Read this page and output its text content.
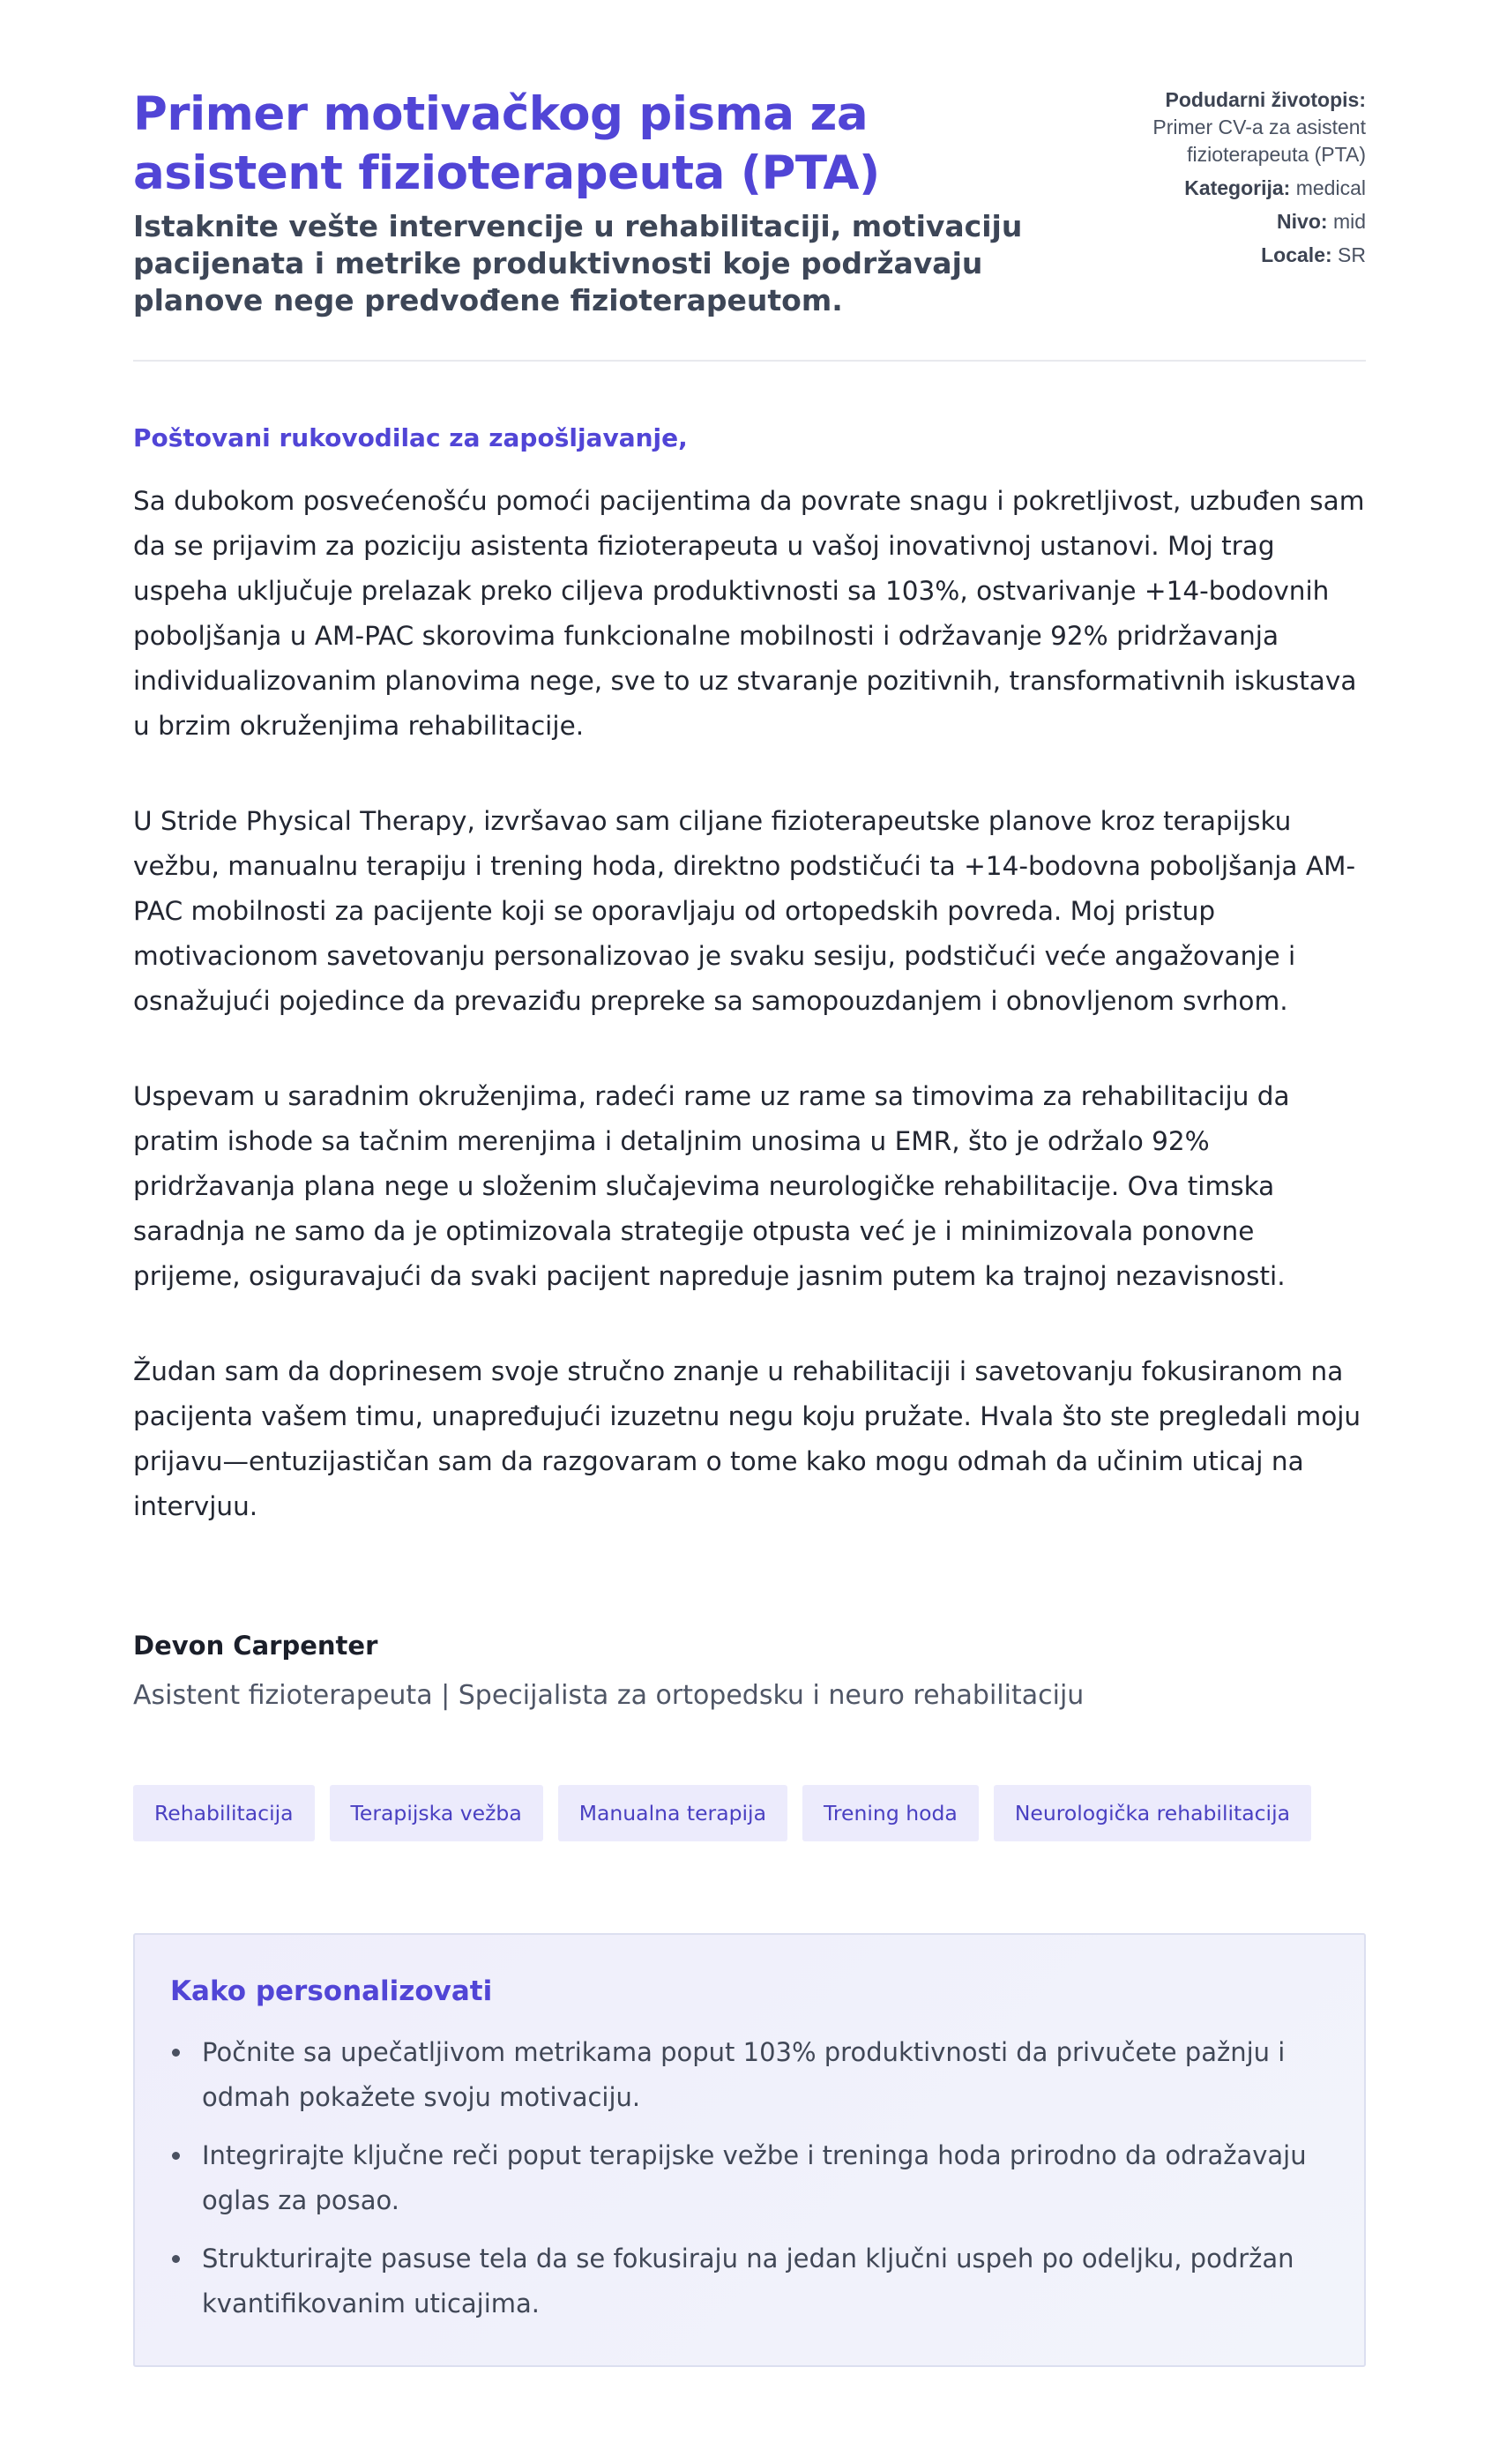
Primer motivačkog pisma za asistent fizioterapeuta (PTA)

Istaknite vešte intervencije u rehabilitaciji, motivaciju pacijenata i metrike produktivnosti koje podržavaju planove nege predvođene fizioterapeutom.

Podudarni životopis:
Primer CV-a za asistent fizioterapeuta (PTA)
Kategorija: medical
Nivo: mid
Locale: SR

Poštovani rukovodilac za zapošljavanje,

Sa dubokom posvećenošću pomoći pacijentima da povrate snagu i pokretljivost, uzbuđen sam da se prijavim za poziciju asistenta fizioterapeuta u vašoj inovativnoj ustanovi. Moj trag uspeha uključuje prelazak preko ciljeva produktivnosti sa 103%, ostvarivanje +14-bodovnih poboljšanja u AM-PAC skorovima funkcionalne mobilnosti i održavanje 92% pridržavanja individualizovanim planovima nege, sve to uz stvaranje pozitivnih, transformativnih iskustava u brzim okruženjima rehabilitacije.

U Stride Physical Therapy, izvršavao sam ciljane fizioterapeutske planove kroz terapijsku vežbu, manualnu terapiju i trening hoda, direktno podstičući ta +14-bodovna poboljšanja AM-PAC mobilnosti za pacijente koji se oporavljaju od ortopedskih povreda. Moj pristup motivacionom savetovanju personalizovao je svaku sesiju, podstičući veće angažovanje i osnažujući pojedince da prevaziđu prepreke sa samopouzdanjem i obnovljenom svrhom.

Uspevam u saradnim okruženjima, radeći rame uz rame sa timovima za rehabilitaciju da pratim ishode sa tačnim merenjima i detaljnim unosima u EMR, što je održalo 92% pridržavanja plana nege u složenim slučajevima neurologičke rehabilitacije. Ova timska saradnja ne samo da je optimizovala strategije otpusta već je i minimizovala ponovne prijeme, osiguravajući da svaki pacijent napreduje jasnim putem ka trajnoj nezavisnosti.

Žudan sam da doprinesem svoje stručno znanje u rehabilitaciji i savetovanju fokusiranom na pacijenta vašem timu, unapređujući izuzetnu negu koju pružate. Hvala što ste pregledali moju prijavu—entuzijastičan sam da razgovaram o tome kako mogu odmah da učinim uticaj na intervjuu.

Devon Carpenter

Asistent fizioterapeuta | Specijalista za ortopedsku i neuro rehabilitaciju

Rehabilitacija	Terapijska vežba	Manualna terapija	Trening hoda	Neurologička rehabilitacija
Kako personalizovati
Počnite sa upečatljivom metrikama poput 103% produktivnosti da privučete pažnju i odmah pokažete svoju motivaciju.
Integrirajte ključne reči poput terapijske vežbe i treninga hoda prirodno da odražavaju oglas za posao.
Strukturirajte pasuse tela da se fokusiraju na jedan ključni uspeh po odeljku, podržan kvantifikovanim uticajima.
